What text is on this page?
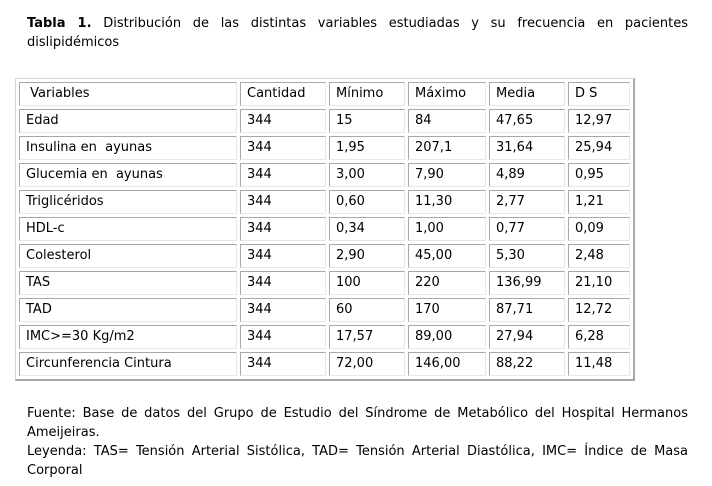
Tabla 1. Distribución de las distintas variables estudiadas y su frecuencia en pacientes dislipidémicos
Variables	Cantidad	Mínimo	Máximo	Media	D S
Edad	344	15	84	47,65	12,97
Insulina en  ayunas	344	1,95	207,1	31,64	25,94
Glucemia en  ayunas	344	3,00	7,90	4,89	0,95
Triglicéridos	344	0,60	11,30	2,77	1,21
HDL-c	344	0,34	1,00	0,77	0,09
Colesterol	344	2,90	45,00	5,30	2,48
TAS	344	100	220	136,99	21,10
TAD	344	60	170	87,71	12,72
IMC>=30 Kg/m2	344	17,57	89,00	27,94	6,28
Circunferencia Cintura	344	72,00	146,00	88,22	11,48

Fuente: Base de datos del Grupo de Estudio del Síndrome de Metabólico del Hospital Hermanos Ameijeiras.

Leyenda: TAS= Tensión Arterial Sistólica, TAD= Tensión Arterial Diastólica, IMC= Índice de Masa Corporal
